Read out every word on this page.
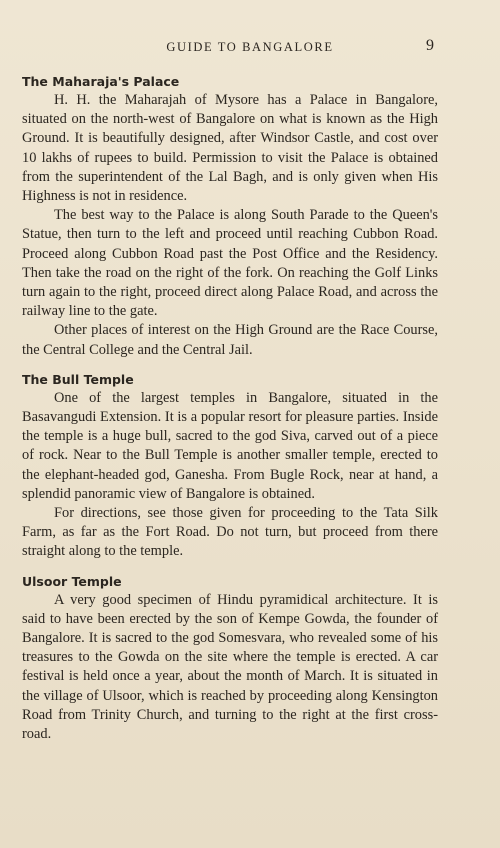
GUIDE TO BANGALORE	9
The Maharaja's Palace

H. H. the Maharajah of Mysore has a Palace in Bangalore, situated on the north-west of Bangalore on what is known as the High Ground. It is beautifully designed, after Windsor Castle, and cost over 10 lakhs of rupees to build. Permission to visit the Palace is obtained from the superintendent of the Lal Bagh, and is only given when His Highness is not in residence.

The best way to the Palace is along South Parade to the Queen's Statue, then turn to the left and proceed until reaching Cubbon Road. Proceed along Cubbon Road past the Post Office and the Residency. Then take the road on the right of the fork. On reaching the Golf Links turn again to the right, proceed direct along Palace Road, and across the railway line to the gate.

Other places of interest on the High Ground are the Race Course, the Central College and the Central Jail.

The Bull Temple

One of the largest temples in Bangalore, situated in the Basavangudi Extension. It is a popular resort for pleasure parties. Inside the temple is a huge bull, sacred to the god Siva, carved out of a piece of rock. Near to the Bull Temple is another smaller temple, erected to the elephant-headed god, Ganesha. From Bugle Rock, near at hand, a splendid panoramic view of Bangalore is obtained.

For directions, see those given for proceeding to the Tata Silk Farm, as far as the Fort Road. Do not turn, but proceed from there straight along to the temple.

Ulsoor Temple

A very good specimen of Hindu pyramidical architecture. It is said to have been erected by the son of Kempe Gowda, the founder of Bangalore. It is sacred to the god Somesvara, who revealed some of his treasures to the Gowda on the site where the temple is erected. A car festival is held once a year, about the month of March. It is situated in the village of Ulsoor, which is reached by proceeding along Kensington Road from Trinity Church, and turning to the right at the first cross-road.
